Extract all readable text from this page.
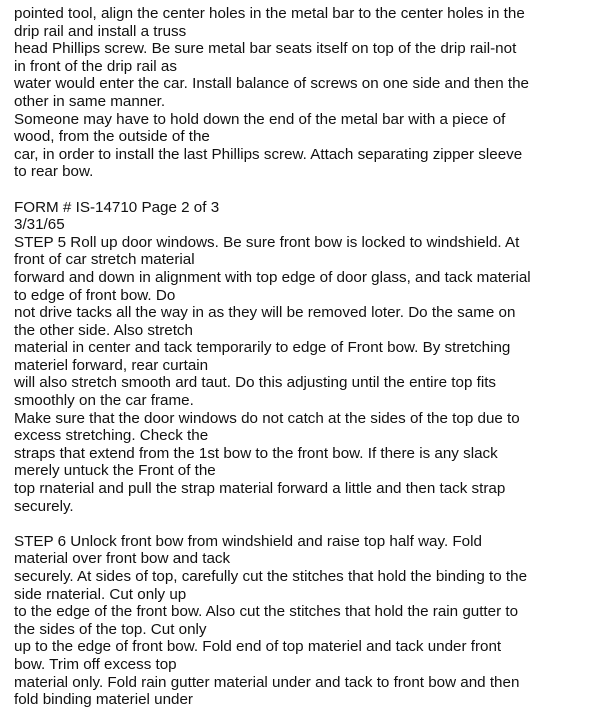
pointed tool, align the center holes in the metal bar to the center holes in the
drip rail and install a truss
head Phillips screw. Be sure metal bar seats itself on top of the drip rail-not
in front of the drip rail as
water would enter the car. Install balance of screws on one side and then the
other in same manner.
Someone may have to hold down the end of the metal bar with a piece of
wood, from the outside of the
car, in order to install the last Phillips screw. Attach separating zipper sleeve
to rear bow.
FORM # IS-14710 Page 2 of 3
3/31/65
STEP 5 Roll up door windows. Be sure front bow is locked to windshield. At
front of car stretch material
forward and down in alignment with top edge of door glass, and tack material
to edge of front bow. Do
not drive tacks all the way in as they will be removed loter. Do the same on
the other side. Also stretch
material in center and tack temporarily to edge of Front bow. By stretching
materiel forward, rear curtain
will also stretch smooth ard taut. Do this adjusting until the entire top fits
smoothly on the car frame.
Make sure that the door windows do not catch at the sides of the top due to
excess stretching. Check the
straps that extend from the 1st bow to the front bow. If there is any slack
merely untuck the Front of the
top rnaterial and pull the strap material forward a little and then tack strap
securely.
STEP 6 Unlock front bow from windshield and raise top half way. Fold
material over front bow and tack
securely. At sides of top, carefully cut the stitches that hold the binding to the
side rnaterial. Cut only up
to the edge of the front bow. Also cut the stitches that hold the rain gutter to
the sides of the top. Cut only
up to the edge of front bow. Fold end of top materiel and tack under front
bow. Trim off excess top
material only. Fold rain gutter material under and tack to front bow and then
fold binding materiel under
